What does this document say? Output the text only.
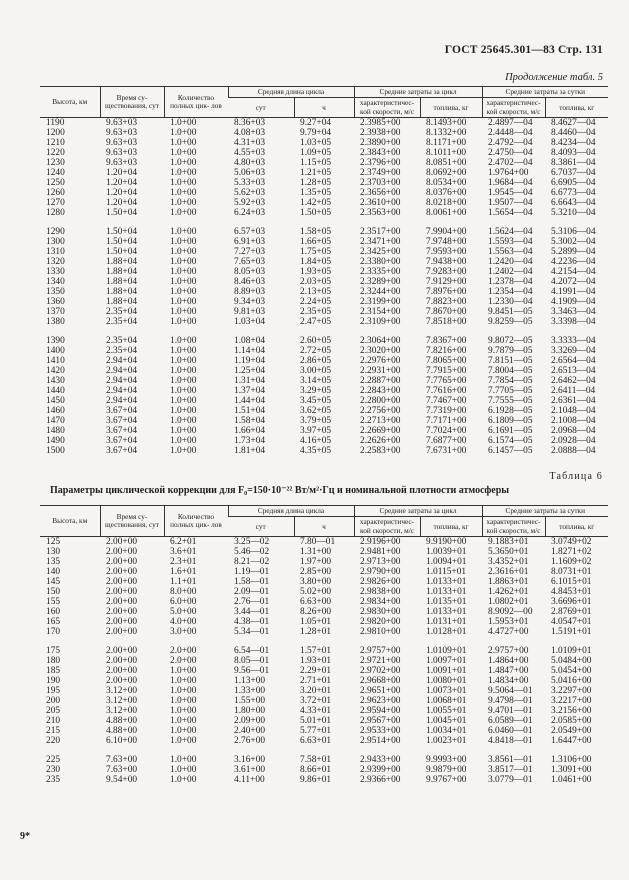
ГОСТ 25645.301—83 Стр. 131
Продолжение табл. 5
Высота, км	Время су- ществования, сут	Количество полных цик- лов	Средняя длина цикла		Средние затраты за цикл		Средние затраты за сутки	
			сут	ч	характеристичес- кой скорости, м/с	топлива, кг	характеристичес- кой скорости, м/с	топлива, кг
1190	9.63+03	1.0+00	8.36+03	9.27+04	2.3985+00	8.1493+00	2.4897—04	8.4627—04
1200	9.63+03	1.0+00	4.08+03	9.79+04	2.3938+00	8.1332+00	2.4448—04	8.4460—04
1210	9.63+03	1.0+00	4.31+03	1.03+05	2.3890+00	8.1171+00	2.4792—04	8.4234—04
1220	9.63+03	1.0+00	4.55+03	1.09+05	2.3843+00	8.1011+00	2.4750—04	8.4093—04
1230	9.63+03	1.0+00	4.80+03	1.15+05	2.3796+00	8.0851+00	2.4702—04	8.3861—04
1240	1.20+04	1.0+00	5.06+03	1.21+05	2.3749+00	8.0692+00	1.9764+00	6.7037—04
1250	1.20+04	1.0+00	5.33+03	1.28+05	2.3703+00	8.0534+00	1.9684—04	6.6905—04
1260	1.20+04	1.0+00	5.62+03	1.35+05	2.3656+00	8.0376+00	1.9545—04	6.6773—04
1270	1.20+04	1.0+00	5.92+03	1.42+05	2.3610+00	8.0218+00	1.9507—04	6.6643—04
1280	1.50+04	1.0+00	6.24+03	1.50+05	2.3563+00	8.0061+00	1.5654—04	5.3210—04

1290	1.50+04	1.0+00	6.57+03	1.58+05	2.3517+00	7.9904+00	1.5624—04	5.3106—04
1300	1.50+04	1.0+00	6.91+03	1.66+05	2.3471+00	7.9748+00	1.5593—04	5.3002—04
1310	1.50+04	1.0+00	7.27+03	1.75+05	2.3425+00	7.9593+00	1.5563—04	5.2899—04
1320	1.88+04	1.0+00	7.65+03	1.84+05	2.3380+00	7.9438+00	1.2420—04	4.2236—04
1330	1.88+04	1.0+00	8.05+03	1.93+05	2.3335+00	7.9283+00	1.2402—04	4.2154—04
1340	1.88+04	1.0+00	8.46+03	2.03+05	2.3289+00	7.9129+00	1.2378—04	4.2072—04
1350	1.88+04	1.0+00	8.89+03	2.13+05	2.3244+00	7.8976+00	1.2354—04	4.1991—04
1360	1.88+04	1.0+00	9.34+03	2.24+05	2.3199+00	7.8823+00	1.2330—04	4.1909—04
1370	2.35+04	1.0+00	9.81+03	2.35+05	2.3154+00	7.8670+00	9.8451—05	3.3463—04
1380	2.35+04	1.0+00	1.03+04	2.47+05	2.3109+00	7.8518+00	9.8259—05	3.3398—04

1390	2.35+04	1.0+00	1.08+04	2.60+05	2.3064+00	7.8367+00	9.8072—05	3.3333—04
1400	2.35+04	1.0+00	1.14+04	2.72+05	2.3020+00	7.8216+00	9.7879—05	3.3269—04
1410	2.94+04	1.0+00	1.19+04	2.86+05	2.2976+00	7.8065+00	7.8151—05	2.6564—04
1420	2.94+04	1.0+00	1.25+04	3.00+05	2.2931+00	7.7915+00	7.8004—05	2.6513—04
1430	2.94+04	1.0+00	1.31+04	3.14+05	2.2887+00	7.7765+00	7.7854—05	2.6462—04
1440	2.94+04	1.0+00	1.37+04	3.29+05	2.2843+00	7.7616+00	7.7705—05	2.6411—04
1450	2.94+04	1.0+00	1.44+04	3.45+05	2.2800+00	7.7467+00	7.7555—05	2.6361—04
1460	3.67+04	1.0+00	1.51+04	3.62+05	2.2756+00	7.7319+00	6.1928—05	2.1048—04
1470	3.67+04	1.0+00	1.58+04	3.79+05	2.2713+00	7.7171+00	6.1809—05	2.1008—04
1480	3.67+04	1.0+00	1.66+04	3.97+05	2.2669+00	7.7024+00	6.1691—05	2.0968—04
1490	3.67+04	1.0+00	1.73+04	4.16+05	2.2626+00	7.6877+00	6.1574—05	2.0928—04
1500	3.67+04	1.0+00	1.81+04	4.35+05	2.2583+00	7.6731+00	6.1457—05	2.0888—04
Таблица 6
Параметры циклической коррекции для F₀=150·10⁻²² Вт/м²·Гц и номинальной плотности атмосферы
Высота, км	Время су- ществования, сут	Количество полных цик- лов	Средняя длина цикла		Средние затраты за цикл		Средние затраты за сутки	
			сут	ч	характеристичес- кой скорости, м/с	топлива, кг	характеристичес- кой скорости, м/с	топлива, кг
125	2.00+00	6.2+01	3.25—02	7.80—01	2.9196+00	9.9190+00	9.1883+01	3.0749+02
130	2.00+00	3.6+01	5.46—02	1.31+00	2.9481+00	1.0039+01	5.3650+01	1.8271+02
135	2.00+00	2.3+01	8.21—02	1.97+00	2.9713+00	1.0094+01	3.4352+01	1.1609+02
140	2.00+00	1.6+01	1.19—01	2.85+00	2.9790+00	1.0115+01	2.3616+01	8.0731+01
145	2.00+00	1.1+01	1.58—01	3.80+00	2.9826+00	1.0133+01	1.8863+01	6.1015+01
150	2.00+00	8.0+00	2.09—01	5.02+00	2.9838+00	1.0133+01	1.4262+01	4.8453+01
155	2.00+00	6.0+00	2.76—01	6.63+00	2.9834+00	1.0135+01	1.0802+01	3.6696+01
160	2.00+00	5.0+00	3.44—01	8.26+00	2.9830+00	1.0133+01	8.9092—00	2.8769+01
165	2.00+00	4.0+00	4.38—01	1.05+01	2.9820+00	1.0131+01	1.5953+01	4.0547+01
170	2.00+00	3.0+00	5.34—01	1.28+01	2.9810+00	1.0128+01	4.4727+00	1.5191+01

175	2.00+00	2.0+00	6.54—01	1.57+01	2.9757+00	1.0109+01	2.9757+00	1.0109+01
180	2.00+00	2.0+00	8.05—01	1.93+01	2.9721+00	1.0097+01	1.4864+00	5.0484+00
185	2.00+00	1.0+00	9.56—01	2.29+01	2.9702+00	1.0091+01	1.4847+00	5.0454+00
190	2.00+00	1.0+00	1.13+00	2.71+01	2.9668+00	1.0080+01	1.4834+00	5.0416+00
195	3.12+00	1.0+00	1.33+00	3.20+01	2.9651+00	1.0073+01	9.5064—01	3.2297+00
200	3.12+00	1.0+00	1.55+00	3.72+01	2.9623+00	1.0068+01	9.4798—01	3.2217+00
205	3.12+00	1.0+00	1.80+00	4.33+01	2.9594+00	1.0055+01	9.4701—01	3.2156+00
210	4.88+00	1.0+00	2.09+00	5.01+01	2.9567+00	1.0045+01	6.0589—01	2.0585+00
215	4.88+00	1.0+00	2.40+00	5.77+01	2.9533+00	1.0034+01	6.0460—01	2.0549+00
220	6.10+00	1.0+00	2.76+00	6.63+01	2.9514+00	1.0023+01	4.8418—01	1.6447+00

225	7.63+00	1.0+00	3.16+00	7.58+01	2.9433+00	9.9993+00	3.8561—01	1.3106+00
230	7.63+00	1.0+00	3.61+00	8.66+01	2.9399+00	9.9879+00	3.8517—01	1.3091+00
235	9.54+00	1.0+00	4.11+00	9.86+01	2.9366+00	9.9767+00	3.0779—01	1.0461+00
9*
